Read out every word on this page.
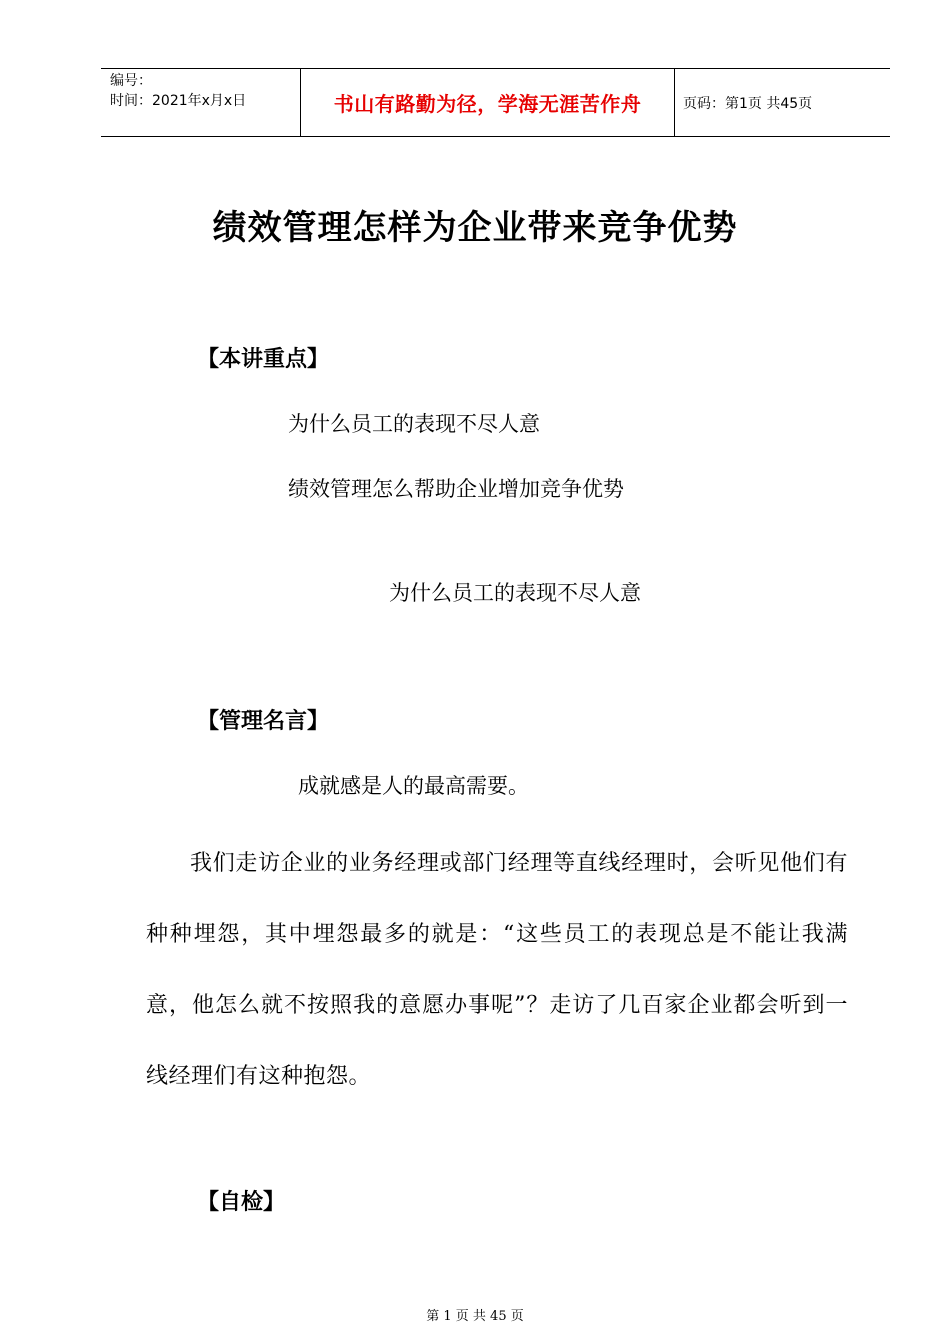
编号：
时间：2021年x月x日	书山有路勤为径，学海无涯苦作舟	页码：第1页 共45页
绩效管理怎样为企业带来竞争优势
【本讲重点】
为什么员工的表现不尽人意
绩效管理怎么帮助企业增加竞争优势
为什么员工的表现不尽人意
【管理名言】
成就感是人的最高需要。
我们走访企业的业务经理或部门经理等直线经理时，会听见他们有种种埋怨，其中埋怨最多的就是：“这些员工的表现总是不能让我满意，他怎么就不按照我的意愿办事呢”？走访了几百家企业都会听到一线经理们有这种抱怨。
【自检】
第 1 页 共 45 页
